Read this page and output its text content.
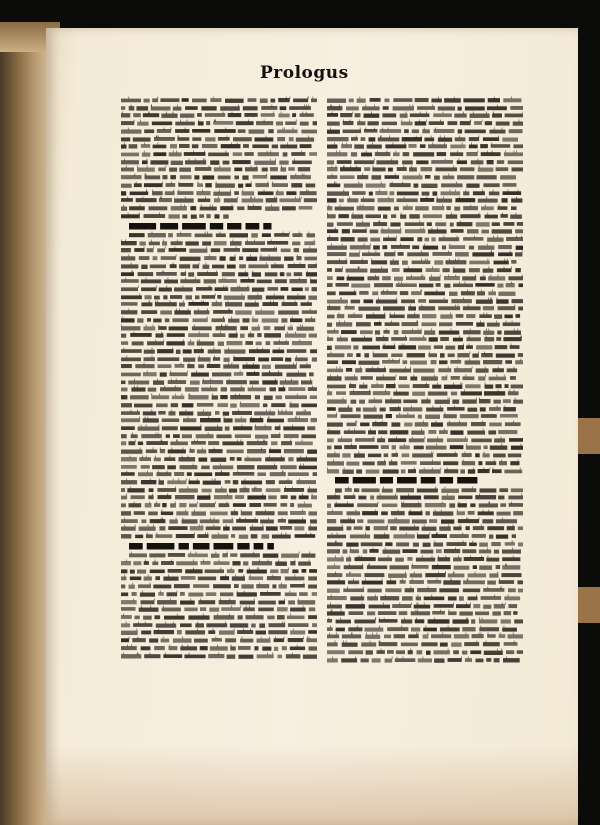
Prologus
